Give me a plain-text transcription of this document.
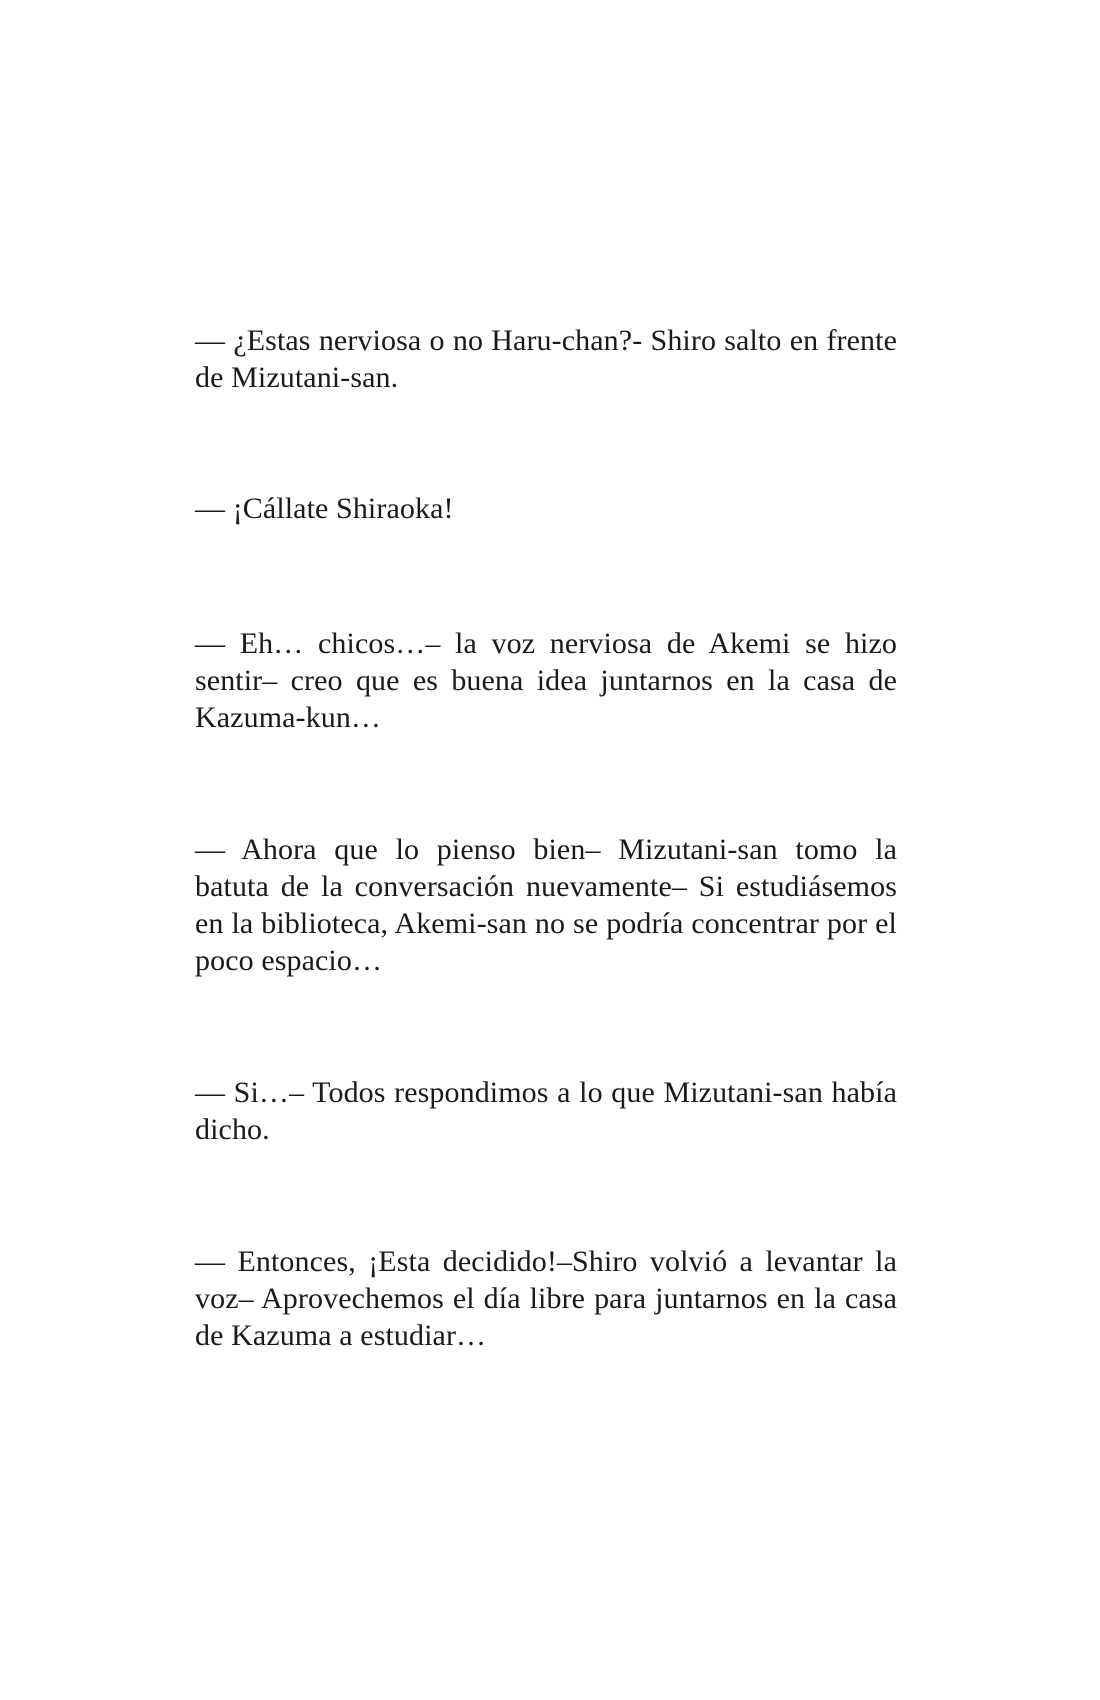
— ¿Estas nerviosa o no Haru-chan?- Shiro salto en frente de Mizutani-san.

— ¡Cállate Shiraoka!

— Eh… chicos…– la voz nerviosa de Akemi se hizo sentir– creo que es buena idea juntarnos en la casa de Kazuma-kun…

— Ahora que lo pienso bien– Mizutani-san tomo la batuta de la conversación nuevamente– Si estudiásemos en la biblioteca, Akemi-san no se podría concentrar por el poco espacio…

— Si…– Todos respondimos a lo que Mizutani-san había dicho.

— Entonces, ¡Esta decidido!–Shiro volvió a levantar la voz– Aprovechemos el día libre para juntarnos en la casa de Kazuma a estudiar…
